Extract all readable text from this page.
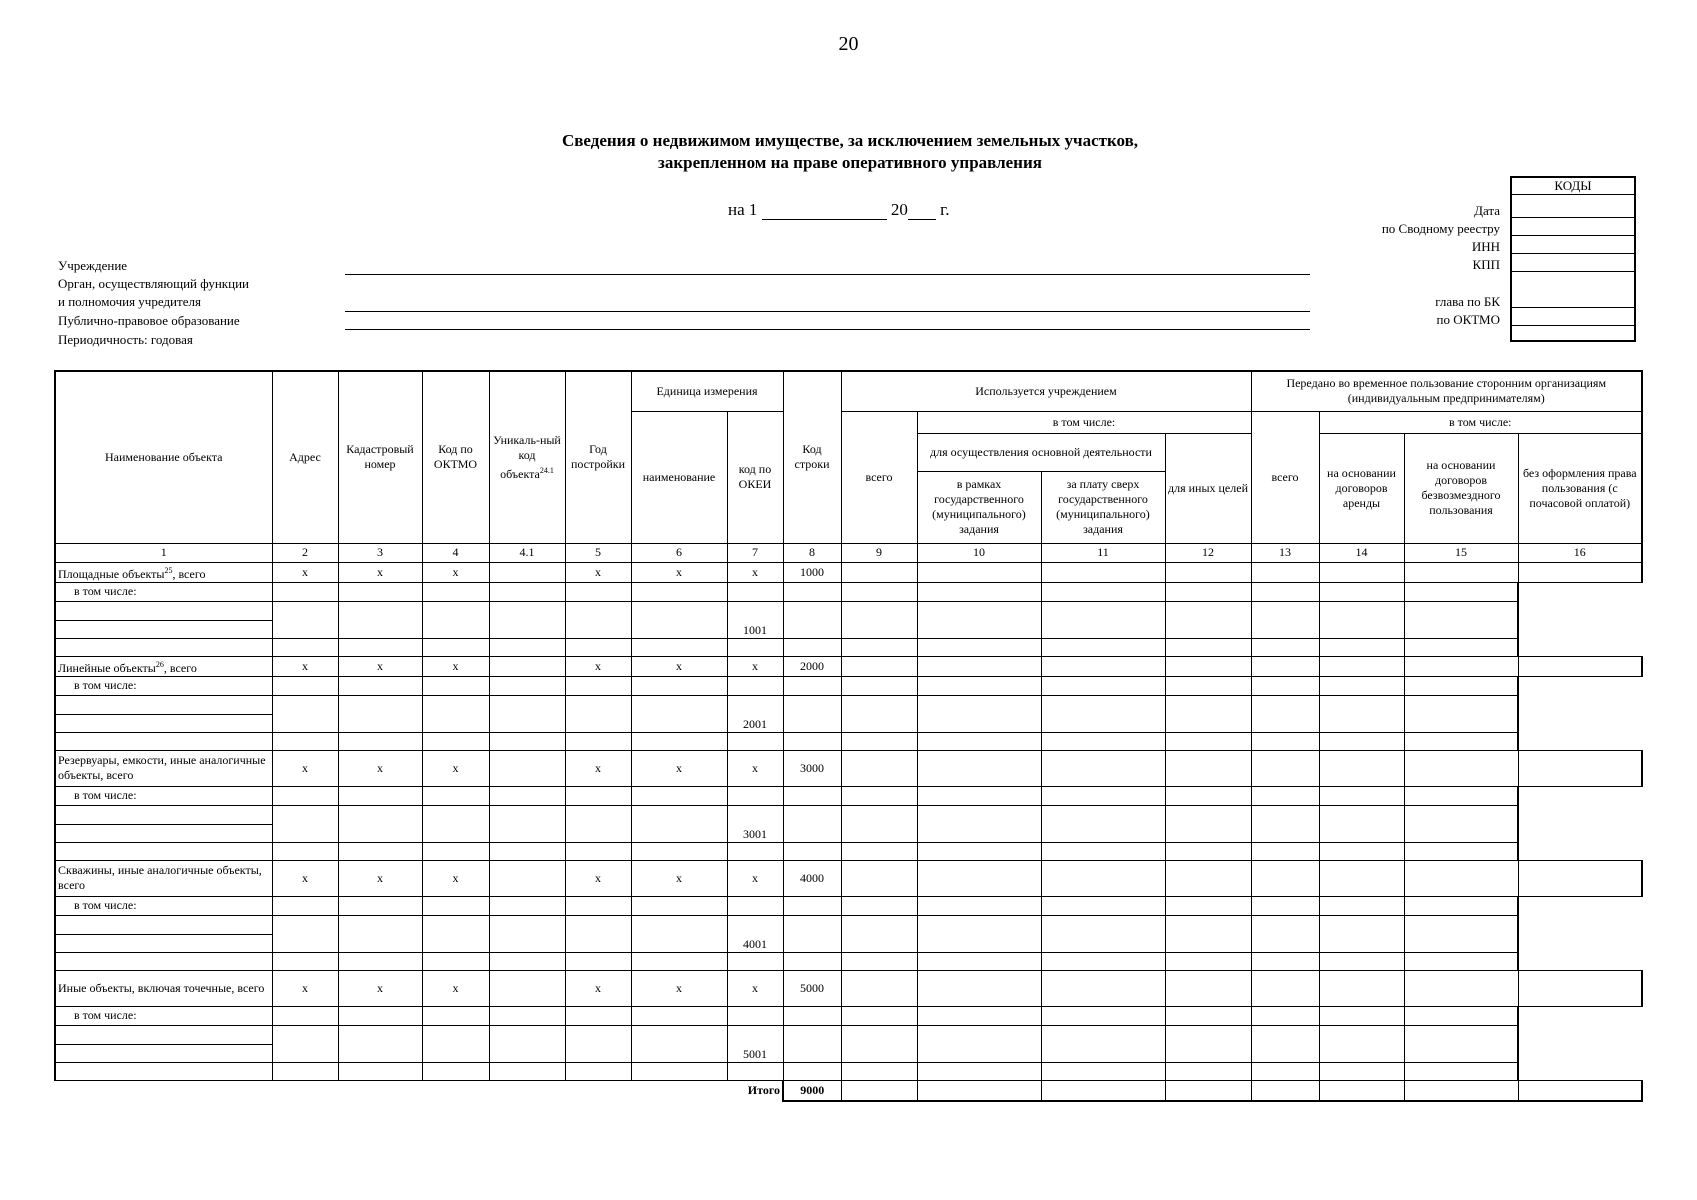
20
Сведения о недвижимом имуществе, за исключением земельных участков,
закрепленном на праве оперативного управления
на 1	20 г.	Дата
по Сводному реестру
ИНН
КПП
глава по БК
по ОКТМО
КОДЫ

Учреждение
Орган, осуществляющий функции
и полномочия учредителя
Публично-правовое образование
Периодичность: годовая
Наименование объекта	Адрес	Кадастровый номер	Код по ОКТМО	Уникаль-ный код объекта$^{24.1}$	Год постройки	Единица измерения		Код строки	Используется учреждением				Передано во временное пользование сторонним организациям (индивидуальным предпринимателям)			
						наименование	код по ОКЕИ		всего	в том числе:			всего	в том числе:		
										для осуществления основной деятельности		для иных целей		на основании договоров аренды	на основании договоров безвозмездного пользования	без оформления права пользования (с почасовой оплатой)
										в рамках государственного (муниципального) задания	за плату сверх государственного (муниципального) задания					
1	2	3	4	4.1	5	6	7	8	9	10	11	12	13	14	15	16
Площадные объекты$^{25}$, всего	x	x	x		x	x	x	1000								
в том числе:																
							1001									

Линейные объекты$^{26}$, всего	x	x	x		x	x	x	2000								
в том числе:																
							2001									

Резервуары, емкости, иные аналогичные объекты, всего	x	x	x		x	x	x	3000								
в том числе:																
							3001									

Скважины, иные аналогичные объекты, всего	x	x	x		x	x	x	4000								
в том числе:																
							4001									

Иные объекты, включая точечные, всего	x	x	x		x	x	x	5000								
в том числе:																
							5001									

							Итого	9000								
